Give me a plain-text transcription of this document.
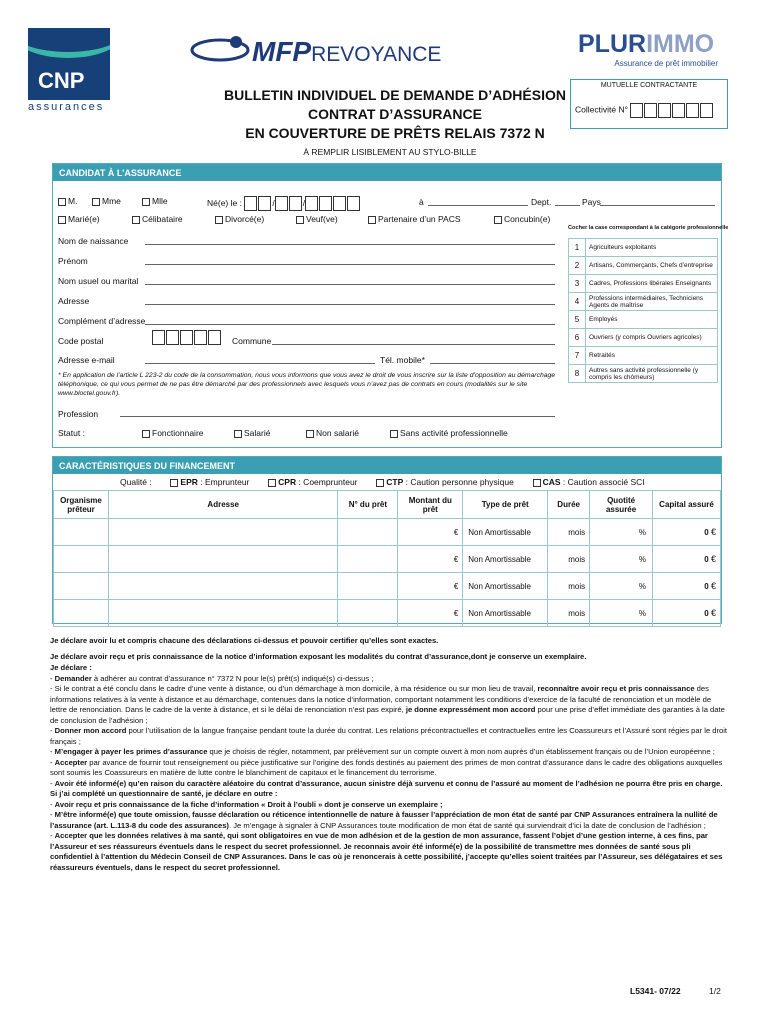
CNP
assurances
MFPREVOYANCE	PLURIMMO
Assurance de prêt immobilier
BULLETIN INDIVIDUEL DE DEMANDE D’ADHÉSION
CONTRAT D’ASSURANCE
EN COUVERTURE DE PRÊTS RELAIS 7372 N
À REMPLIR LISIBLEMENT AU STYLO-BILLE
MUTUELLE CONTRACTANTE
Collectivité N°
CANDIDAT À L’ASSURANCE
M.	Mme	Mlle	Né(e) le :	/	/	à	Dept.	Pays
Marié(e)	Célibataire	Divorcé(e)	Veuf(ve)	Partenaire d’un PACS	Concubin(e)
Nom de naissance
Prénom
Nom usuel ou marital
Adresse
Complément d’adresse
Code postal	Commune
Adresse e-mail	Tél. mobile*
* En application de l’article L 223-2 du code de la consommation, nous vous informons que vous avez le droit de vous inscrire sur la liste d’opposition au démarchage téléphonique, ce qui vous permet de ne pas être démarché par des professionnels avec lesquels vous n’avez pas de contrats en cours (modalités sur le site www.bloctel.gouv.fr).
Profession
Statut :	Fonctionnaire	Salarié	Non salarié	Sans activité professionnelle
Cocher la case correspondant à la catégorie professionnelle
1	Agriculteurs exploitants
2	Artisans, Commerçants, Chefs d’entreprise
3	Cadres, Professions libérales Enseignants
4	Professions intermédiaires, Techniciens Agents de maîtrise
5	Employés
6	Ouvriers (y compris Ouvriers agricoles)
7	Retraités
8	Autres sans activité professionnelle (y compris les chômeurs)
CARACTÉRISTIQUES DU FINANCEMENT
Qualité :	EPR : Emprunteur	CPR : Coemprunteur	CTP : Caution personne physique	CAS : Caution associé SCI
Organisme prêteur	Adresse	N° du prêt	Montant du prêt	Type de prêt	Durée	Quotité assurée	Capital assuré
			€	Non Amortissable	mois	%	0 €
			€	Non Amortissable	mois	%	0 €
			€	Non Amortissable	mois	%	0 €
			€	Non Amortissable	mois	%	0 €

Je déclare avoir lu et compris chacune des déclarations ci-dessus et pouvoir certifier qu’elles sont exactes.

Je déclare avoir reçu et pris connaissance de la notice d’information exposant les modalités du contrat d’assurance,dont je conserve un exemplaire.

Je déclare :

- Demander à adhérer au contrat d’assurance n° 7372 N pour le(s) prêt(s) indiqué(s) ci-dessus ;

- Si le contrat a été conclu dans le cadre d’une vente à distance, ou d’un démarchage à mon domicile, à ma résidence ou sur mon lieu de travail, reconnaître avoir reçu et pris connaissance des informations relatives à la vente à distance et au démarchage, contenues dans la notice d’information, comportant notamment les conditions d’exercice de la faculté de renonciation et un modèle de lettre de renonciation. Dans le cadre de la vente à distance, et si le délai de renonciation n’est pas expiré, je donne expressément mon accord pour une prise d’effet immédiate des garanties à la date de conclusion de l’adhésion ;

- Donner mon accord pour l’utilisation de la langue française pendant toute la durée du contrat. Les relations précontractuelles et contractuelles entre les Coassureurs et l’Assuré sont régies par le droit français ;

- M’engager à payer les primes d’assurance que je choisis de régler, notamment, par prélèvement sur un compte ouvert à mon nom auprès d’un établissement français ou de l’Union européenne ;

- Accepter par avance de fournir tout renseignement ou pièce justificative sur l’origine des fonds destinés au paiement des primes de mon contrat d’assurance dans le cadre des obligations auxquelles sont soumis les Coassureurs en matière de lutte contre le blanchiment de capitaux et le financement du terrorisme.

- Avoir été informé(e) qu’en raison du caractère aléatoire du contrat d’assurance, aucun sinistre déjà survenu et connu de l’assuré au moment de l’adhésion ne pourra être pris en charge.

Si j’ai complété un questionnaire de santé, je déclare en outre :

- Avoir reçu et pris connaissance de la fiche d’information « Droit à l’oubli » dont je conserve un exemplaire ;

- M’être informé(e) que toute omission, fausse déclaration ou réticence intentionnelle de nature à fausser l’appréciation de mon état de santé par CNP Assurances entraînera la nullité de l’assurance (art. L.113-8 du code des assurances). Je m’engage à signaler à CNP Assurances toute modification de mon état de santé qui surviendrait d’ici la date de conclusion de l’adhésion ;

- Accepter que les données relatives à ma santé, qui sont obligatoires en vue de mon adhésion et de la gestion de mon assurance, fassent l’objet d’une gestion interne, à ces fins, par l’Assureur et ses réassureurs éventuels dans le respect du secret professionnel. Je reconnais avoir été informé(e) de la possibilité de transmettre mes données de santé sous pli confidentiel à l’attention du Médecin Conseil de CNP Assurances. Dans le cas où je renoncerais à cette possibilité, j’accepte qu’elles soient traitées par l’Assureur, ses délégataires et ses réassureurs éventuels, dans le respect du secret professionnel.

L5341- 07/22	1/2
